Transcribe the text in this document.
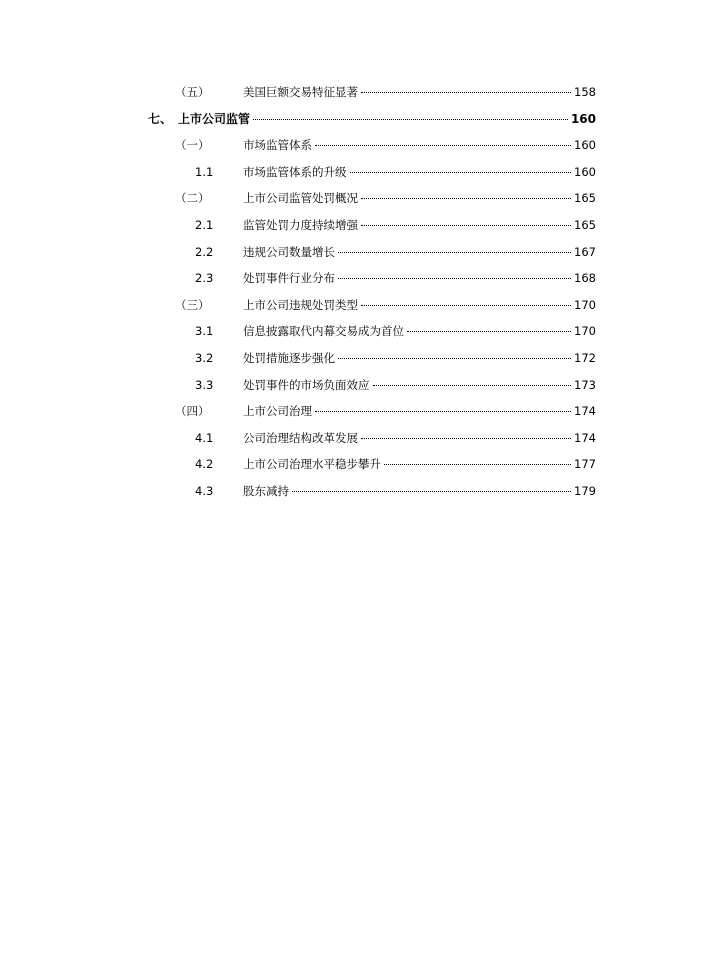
（五）	美国巨额交易特征显著	158
七、 上市公司监管	160
（一）	市场监管体系	160
1.1	市场监管体系的升级	160
（二）	上市公司监管处罚概况	165
2.1	监管处罚力度持续增强	165
2.2	违规公司数量增长	167
2.3	处罚事件行业分布	168
（三）	上市公司违规处罚类型	170
3.1	信息披露取代内幕交易成为首位	170
3.2	处罚措施逐步强化	172
3.3	处罚事件的市场负面效应	173
（四）	上市公司治理	174
4.1	公司治理结构改革发展	174
4.2	上市公司治理水平稳步攀升	177
4.3	股东减持	179
